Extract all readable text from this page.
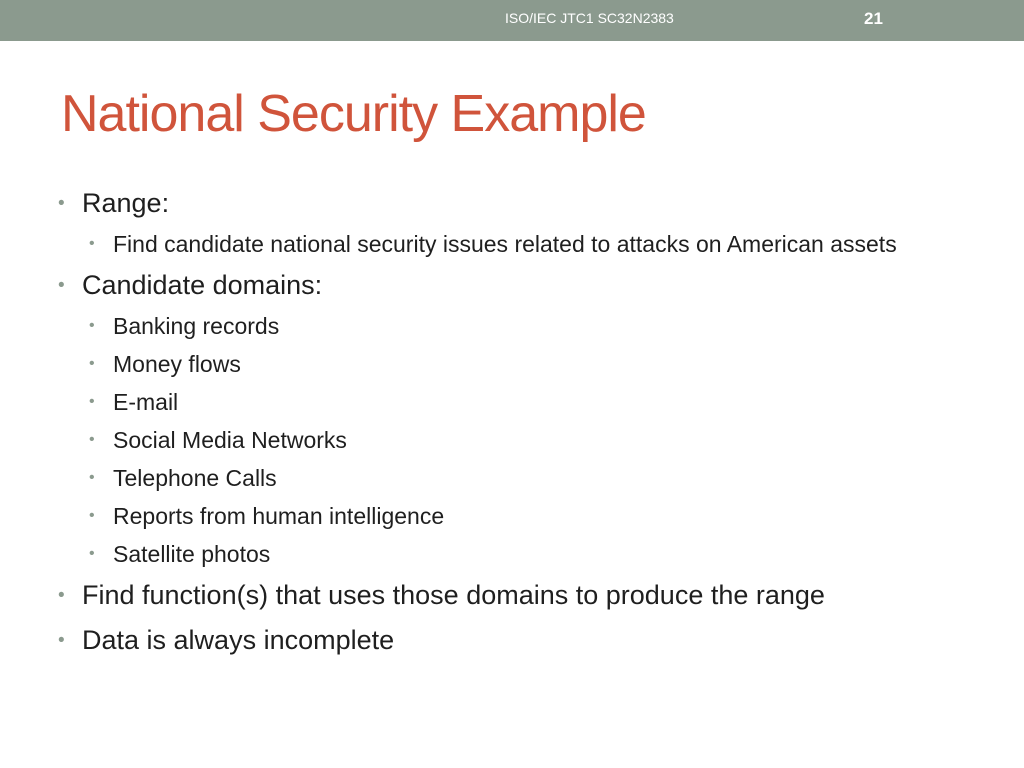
ISO/IEC JTC1 SC32N2383	21
National Security Example
• Range:
• Find candidate national security issues related to attacks on American assets
• Candidate domains:
• Banking records
• Money flows
• E-mail
• Social Media Networks
• Telephone Calls
• Reports from human intelligence
• Satellite photos
• Find function(s) that uses those domains to produce the range
• Data is always incomplete
